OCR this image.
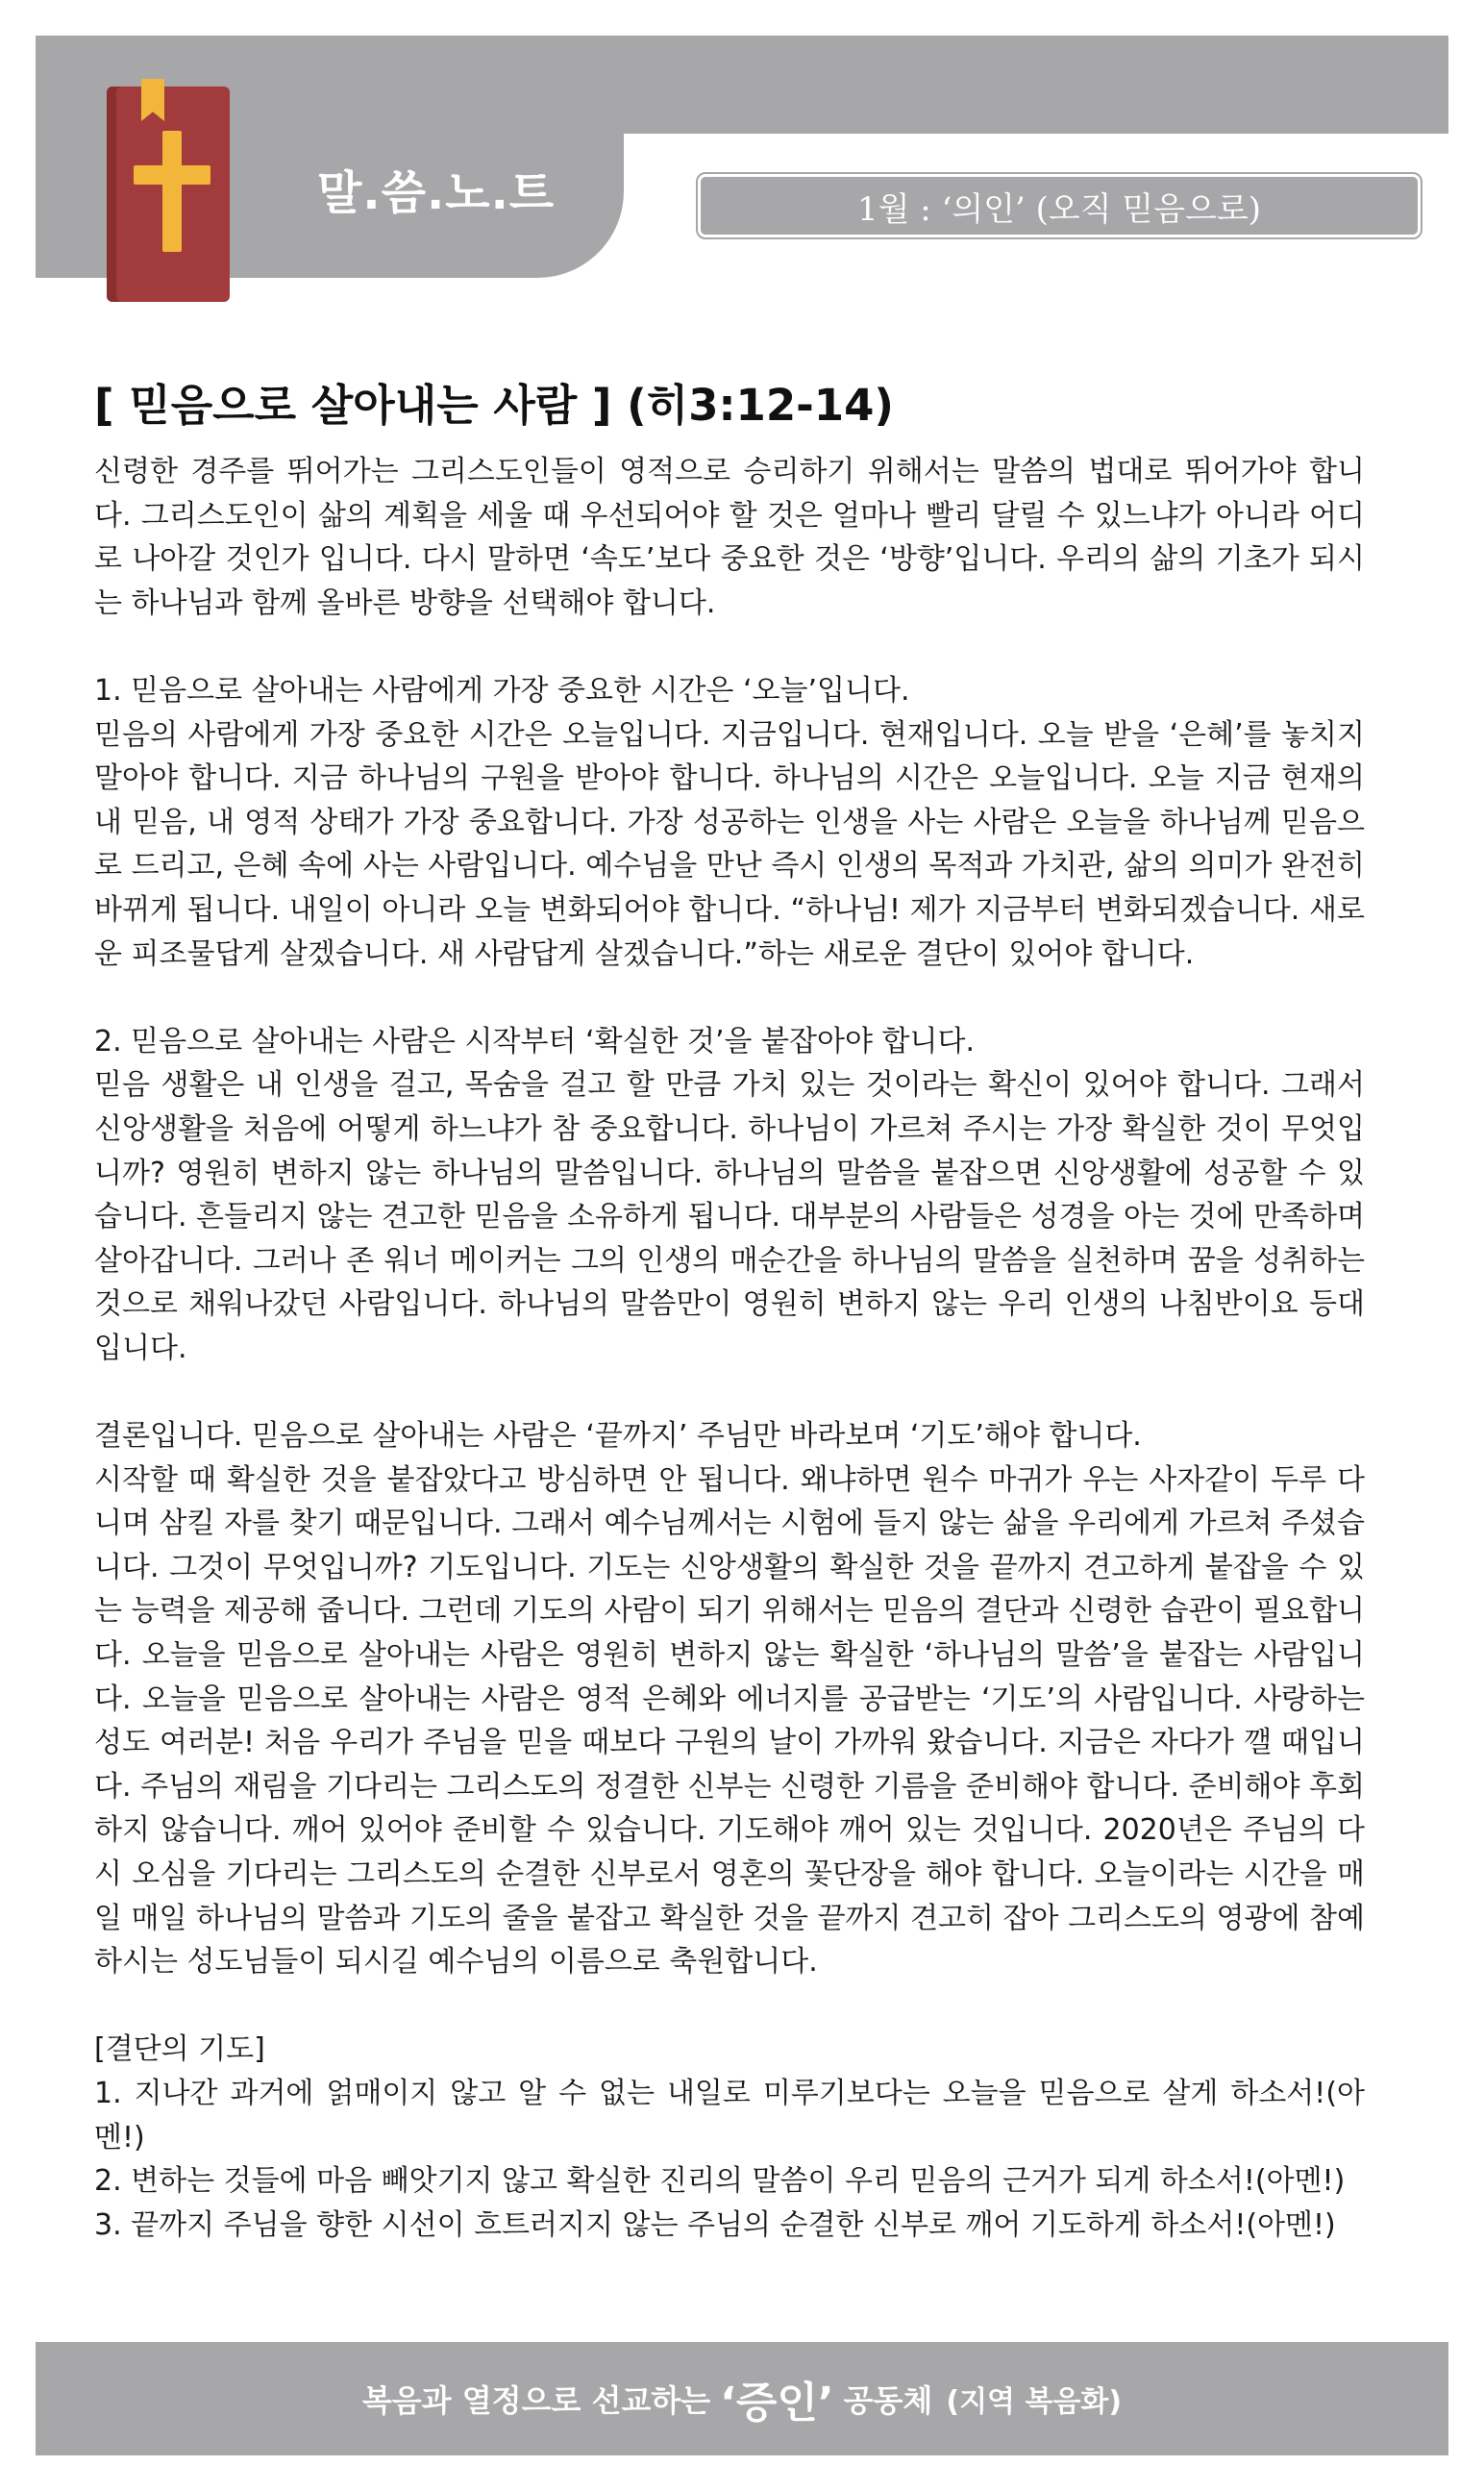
말.씀.노.트	1월 : ‘의인’ (오직 믿음으로)
[ 믿음으로 살아내는 사람 ] (히3:12-14)

신령한 경주를 뛰어가는 그리스도인들이 영적으로 승리하기 위해서는 말씀의 법대로 뛰어가야 합니다. 그리스도인이 삶의 계획을 세울 때 우선되어야 할 것은 얼마나 빨리 달릴 수 있느냐가 아니라 어디로 나아갈 것인가 입니다. 다시 말하면 ‘속도’보다 중요한 것은 ‘방향’입니다. 우리의 삶의 기초가 되시는 하나님과 함께 올바른 방향을 선택해야 합니다.

1. 믿음으로 살아내는 사람에게 가장 중요한 시간은 ‘오늘’입니다.

믿음의 사람에게 가장 중요한 시간은 오늘입니다. 지금입니다. 현재입니다. 오늘 받을 ‘은혜’를 놓치지 말아야 합니다. 지금 하나님의 구원을 받아야 합니다. 하나님의 시간은 오늘입니다. 오늘 지금 현재의 내 믿음, 내 영적 상태가 가장 중요합니다. 가장 성공하는 인생을 사는 사람은 오늘을 하나님께 믿음으로 드리고, 은혜 속에 사는 사람입니다. 예수님을 만난 즉시 인생의 목적과 가치관, 삶의 의미가 완전히 바뀌게 됩니다. 내일이 아니라 오늘 변화되어야 합니다. “하나님! 제가 지금부터 변화되겠습니다. 새로운 피조물답게 살겠습니다. 새 사람답게 살겠습니다.”하는 새로운 결단이 있어야 합니다.

2. 믿음으로 살아내는 사람은 시작부터 ‘확실한 것’을 붙잡아야 합니다.

믿음 생활은 내 인생을 걸고, 목숨을 걸고 할 만큼 가치 있는 것이라는 확신이 있어야 합니다. 그래서 신앙생활을 처음에 어떻게 하느냐가 참 중요합니다. 하나님이 가르쳐 주시는 가장 확실한 것이 무엇입니까? 영원히 변하지 않는 하나님의 말씀입니다. 하나님의 말씀을 붙잡으면 신앙생활에 성공할 수 있습니다. 흔들리지 않는 견고한 믿음을 소유하게 됩니다. 대부분의 사람들은 성경을 아는 것에 만족하며 살아갑니다. 그러나 존 워너 메이커는 그의 인생의 매순간을 하나님의 말씀을 실천하며 꿈을 성취하는 것으로 채워나갔던 사람입니다. 하나님의 말씀만이 영원히 변하지 않는 우리 인생의 나침반이요 등대입니다.

결론입니다. 믿음으로 살아내는 사람은 ‘끝까지’ 주님만 바라보며 ‘기도’해야 합니다.

시작할 때 확실한 것을 붙잡았다고 방심하면 안 됩니다. 왜냐하면 원수 마귀가 우는 사자같이 두루 다니며 삼킬 자를 찾기 때문입니다. 그래서 예수님께서는 시험에 들지 않는 삶을 우리에게 가르쳐 주셨습니다. 그것이 무엇입니까? 기도입니다. 기도는 신앙생활의 확실한 것을 끝까지 견고하게 붙잡을 수 있는 능력을 제공해 줍니다. 그런데 기도의 사람이 되기 위해서는 믿음의 결단과 신령한 습관이 필요합니다. 오늘을 믿음으로 살아내는 사람은 영원히 변하지 않는 확실한 ‘하나님의 말씀’을 붙잡는 사람입니다. 오늘을 믿음으로 살아내는 사람은 영적 은혜와 에너지를 공급받는 ‘기도’의 사람입니다. 사랑하는 성도 여러분! 처음 우리가 주님을 믿을 때보다 구원의 날이 가까워 왔습니다. 지금은 자다가 깰 때입니다. 주님의 재림을 기다리는 그리스도의 정결한 신부는 신령한 기름을 준비해야 합니다. 준비해야 후회하지 않습니다. 깨어 있어야 준비할 수 있습니다. 기도해야 깨어 있는 것입니다. 2020년은 주님의 다시 오심을 기다리는 그리스도의 순결한 신부로서 영혼의 꽃단장을 해야 합니다. 오늘이라는 시간을 매일 매일 하나님의 말씀과 기도의 줄을 붙잡고 확실한 것을 끝까지 견고히 잡아 그리스도의 영광에 참예하시는 성도님들이 되시길 예수님의 이름으로 축원합니다.

[결단의 기도]

1. 지나간 과거에 얽매이지 않고 알 수 없는 내일로 미루기보다는 오늘을 믿음으로 살게 하소서!(아멘!)

2. 변하는 것들에 마음 빼앗기지 않고 확실한 진리의 말씀이 우리 믿음의 근거가 되게 하소서!(아멘!)

3. 끝까지 주님을 향한 시선이 흐트러지지 않는 주님의 순결한 신부로 깨어 기도하게 하소서!(아멘!)

복음과 열정으로 선교하는 ‘증인’ 공동체 (지역 복음화)
